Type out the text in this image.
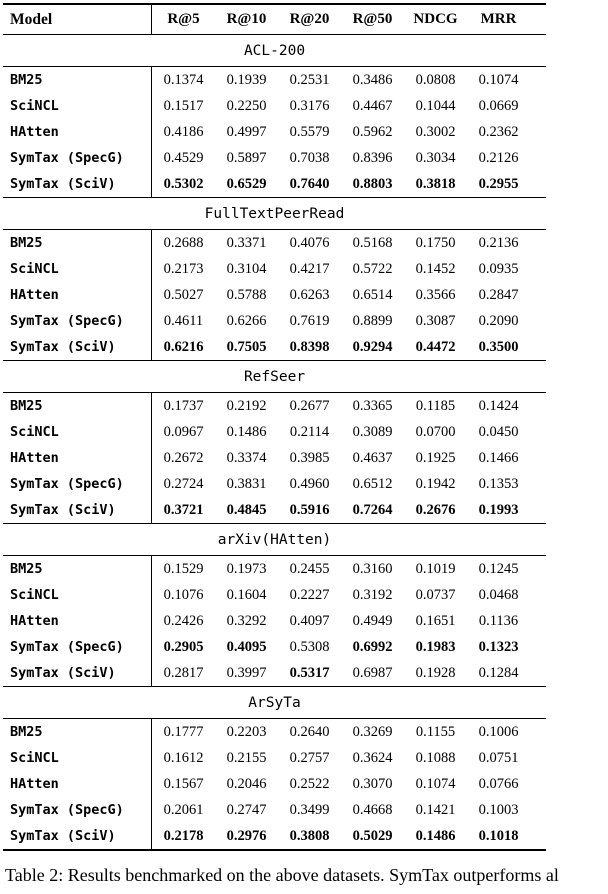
Model	R@5	R@10	R@20	R@50	NDCG	MRR
ACL-200
BM25	0.1374	0.1939	0.2531	0.3486	0.0808	0.1074
SciNCL	0.1517	0.2250	0.3176	0.4467	0.1044	0.0669
HAtten	0.4186	0.4997	0.5579	0.5962	0.3002	0.2362
SymTax (SpecG)	0.4529	0.5897	0.7038	0.8396	0.3034	0.2126
SymTax (SciV)	0.5302	0.6529	0.7640	0.8803	0.3818	0.2955
FullTextPeerRead
BM25	0.2688	0.3371	0.4076	0.5168	0.1750	0.2136
SciNCL	0.2173	0.3104	0.4217	0.5722	0.1452	0.0935
HAtten	0.5027	0.5788	0.6263	0.6514	0.3566	0.2847
SymTax (SpecG)	0.4611	0.6266	0.7619	0.8899	0.3087	0.2090
SymTax (SciV)	0.6216	0.7505	0.8398	0.9294	0.4472	0.3500
RefSeer
BM25	0.1737	0.2192	0.2677	0.3365	0.1185	0.1424
SciNCL	0.0967	0.1486	0.2114	0.3089	0.0700	0.0450
HAtten	0.2672	0.3374	0.3985	0.4637	0.1925	0.1466
SymTax (SpecG)	0.2724	0.3831	0.4960	0.6512	0.1942	0.1353
SymTax (SciV)	0.3721	0.4845	0.5916	0.7264	0.2676	0.1993
arXiv(HAtten)
BM25	0.1529	0.1973	0.2455	0.3160	0.1019	0.1245
SciNCL	0.1076	0.1604	0.2227	0.3192	0.0737	0.0468
HAtten	0.2426	0.3292	0.4097	0.4949	0.1651	0.1136
SymTax (SpecG)	0.2905	0.4095	0.5308	0.6992	0.1983	0.1323
SymTax (SciV)	0.2817	0.3997	0.5317	0.6987	0.1928	0.1284
ArSyTa
BM25	0.1777	0.2203	0.2640	0.3269	0.1155	0.1006
SciNCL	0.1612	0.2155	0.2757	0.3624	0.1088	0.0751
HAtten	0.1567	0.2046	0.2522	0.3070	0.1074	0.0766
SymTax (SpecG)	0.2061	0.2747	0.3499	0.4668	0.1421	0.1003
SymTax (SciV)	0.2178	0.2976	0.3808	0.5029	0.1486	0.1018
Table 2: Results benchmarked on the above datasets. SymTax outperforms al
